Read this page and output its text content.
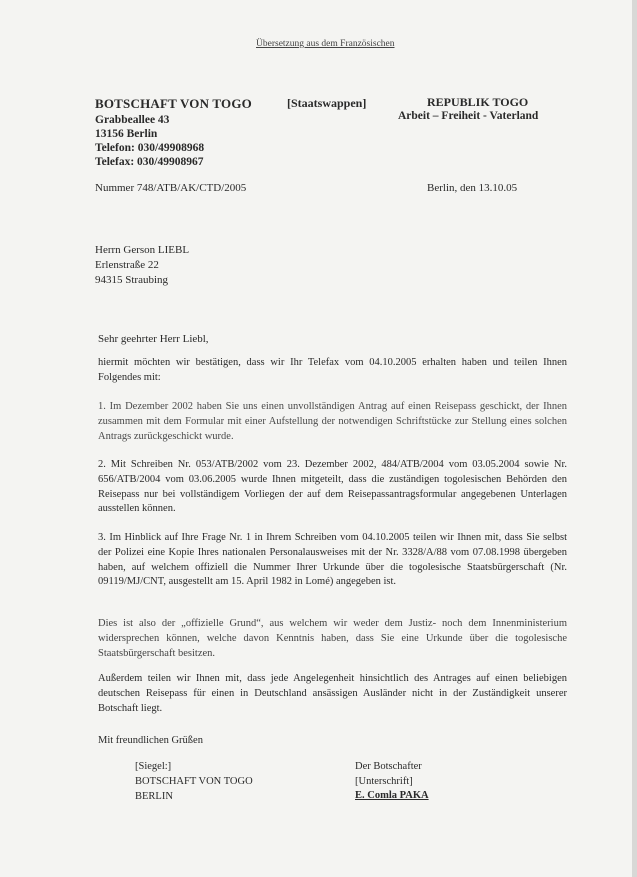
Übersetzung aus dem Französischen
BOTSCHAFT VON TOGO	[Staatswappen]	REPUBLIK TOGO
Arbeit – Freiheit - Vaterland
Grabbeallee 43
13156 Berlin
Telefon: 030/49908968
Telefax: 030/49908967
Nummer 748/ATB/AK/CTD/2005	Berlin, den 13.10.05
Herrn Gerson LIEBL
Erlenstraße 22
94315 Straubing
Sehr geehrter Herr Liebl,
hiermit möchten wir bestätigen, dass wir Ihr Telefax vom 04.10.2005 erhalten haben und teilen Ihnen Folgendes mit:
1. Im Dezember 2002 haben Sie uns einen unvollständigen Antrag auf einen Reisepass geschickt, der Ihnen zusammen mit dem Formular mit einer Aufstellung der notwendigen Schriftstücke zur Stellung eines solchen Antrags zurückgeschickt wurde.
2. Mit Schreiben Nr. 053/ATB/2002 vom 23. Dezember 2002, 484/ATB/2004 vom 03.05.2004 sowie Nr. 656/ATB/2004 vom 03.06.2005 wurde Ihnen mitgeteilt, dass die zuständigen togolesischen Behörden den Reisepass nur bei vollständigem Vorliegen der auf dem Reisepassantragsformular angegebenen Unterlagen ausstellen können.
3. Im Hinblick auf Ihre Frage Nr. 1 in Ihrem Schreiben vom 04.10.2005 teilen wir Ihnen mit, dass Sie selbst der Polizei eine Kopie Ihres nationalen Personalausweises mit der Nr. 3328/A/88 vom 07.08.1998 übergeben haben, auf welchem offiziell die Nummer Ihrer Urkunde über die togolesische Staatsbürgerschaft (Nr. 09119/MJ/CNT, ausgestellt am 15. April 1982 in Lomé) angegeben ist.
Dies ist also der „offizielle Grund“, aus welchem wir weder dem Justiz- noch dem Innenministerium widersprechen können, welche davon Kenntnis haben, dass Sie eine Urkunde über die togolesische Staatsbürgerschaft besitzen.
Außerdem teilen wir Ihnen mit, dass jede Angelegenheit hinsichtlich des Antrages auf einen beliebigen deutschen Reisepass für einen in Deutschland ansässigen Ausländer nicht in der Zuständigkeit unserer Botschaft liegt.
Mit freundlichen Grüßen
[Siegel:]
BOTSCHAFT VON TOGO
BERLIN
Der Botschafter
[Unterschrift]
E. Comla PAKA
